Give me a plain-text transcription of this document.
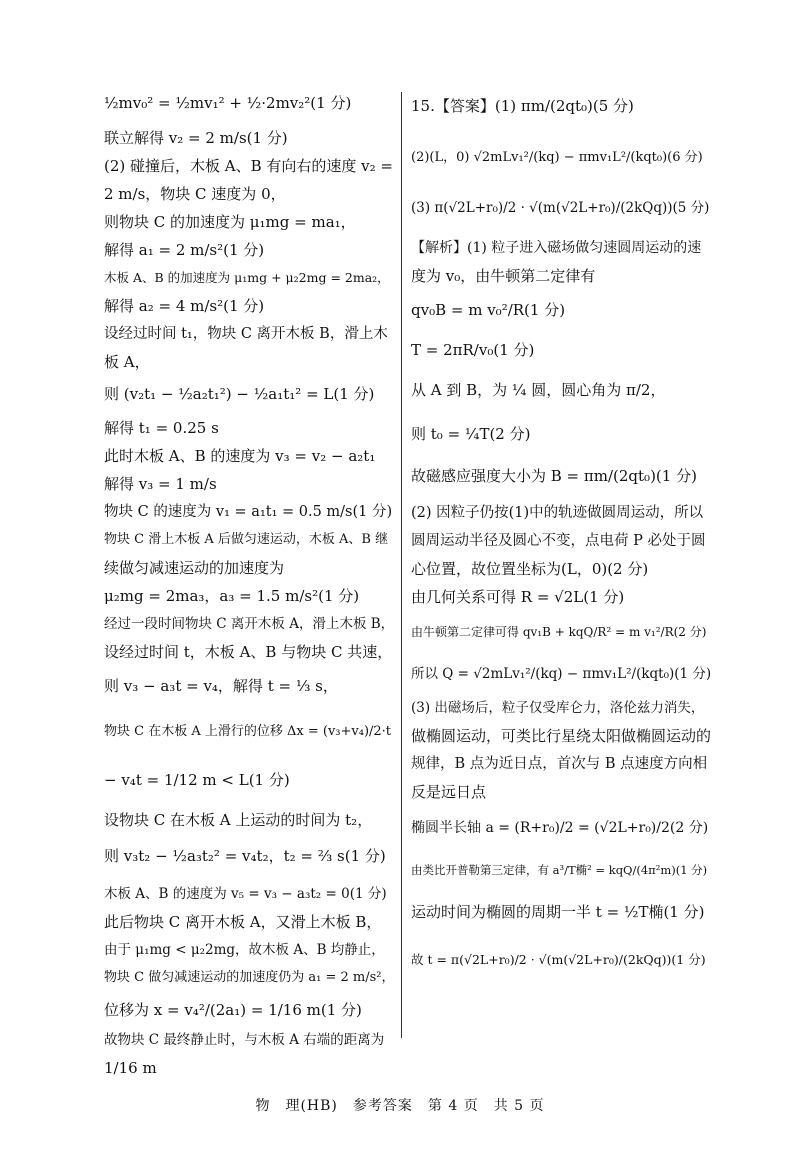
½mv₀² = ½mv₁² + ½·2mv₂²(1 分)
联立解得 v₂ = 2 m/s(1 分)
(2) 碰撞后，木板 A、B 有向右的速度 v₂ =
2 m/s，物块 C 速度为 0，
则物块 C 的加速度为 μ₁mg = ma₁，
解得 a₁ = 2 m/s²(1 分)
木板 A、B 的加速度为 μ₁mg + μ₂2mg = 2ma₂，
解得 a₂ = 4 m/s²(1 分)
设经过时间 t₁，物块 C 离开木板 B，滑上木
板 A，
则 (v₂t₁ − ½a₂t₁²) − ½a₁t₁² = L(1 分)
解得 t₁ = 0.25 s
此时木板 A、B 的速度为 v₃ = v₂ − a₂t₁
解得 v₃ = 1 m/s
物块 C 的速度为 v₁ = a₁t₁ = 0.5 m/s(1 分)
物块 C 滑上木板 A 后做匀速运动，木板 A、B 继
续做匀减速运动的加速度为
μ₂mg = 2ma₃，a₃ = 1.5 m/s²(1 分)
经过一段时间物块 C 离开木板 A，滑上木板 B，
设经过时间 t，木板 A、B 与物块 C 共速，
则 v₃ − a₃t = v₄，解得 t = ⅓ s，
物块 C 在木板 A 上滑行的位移 Δx = (v₃+v₄)/2·t
− v₄t = 1/12 m < L(1 分)
设物块 C 在木板 A 上运动的时间为 t₂，
则 v₃t₂ − ½a₃t₂² = v₄t₂，t₂ = ⅔ s(1 分)
木板 A、B 的速度为 v₅ = v₃ − a₃t₂ = 0(1 分)
此后物块 C 离开木板 A，又滑上木板 B，
由于 μ₁mg < μ₂2mg，故木板 A、B 均静止，
物块 C 做匀减速运动的加速度仍为 a₁ = 2 m/s²，
位移为 x = v₄²/(2a₁) = 1/16 m(1 分)
故物块 C 最终静止时，与木板 A 右端的距离为
1/16 m
15.【答案】(1) πm/(2qt₀)(5 分)
(2)(L，0) √2mLv₁²/(kq) − πmv₁L²/(kqt₀)(6 分)
(3) π(√2L+r₀)/2 · √(m(√2L+r₀)/(2kQq))(5 分)
【解析】(1) 粒子进入磁场做匀速圆周运动的速
度为 v₀，由牛顿第二定律有
qv₀B = m v₀²/R(1 分)
T = 2πR/v₀(1 分)
从 A 到 B，为 ¼ 圆，圆心角为 π/2，
则 t₀ = ¼T(2 分)
故磁感应强度大小为 B = πm/(2qt₀)(1 分)
(2) 因粒子仍按(1)中的轨迹做圆周运动，所以
圆周运动半径及圆心不变，点电荷 P 必处于圆
心位置，故位置坐标为(L，0)(2 分)
由几何关系可得 R = √2L(1 分)
由牛顿第二定律可得 qv₁B + kqQ/R² = m v₁²/R(2 分)
所以 Q = √2mLv₁²/(kq) − πmv₁L²/(kqt₀)(1 分)
(3) 出磁场后，粒子仅受库仑力，洛伦兹力消失，
做椭圆运动，可类比行星绕太阳做椭圆运动的
规律，B 点为近日点，首次与 B 点速度方向相
反是远日点
椭圆半长轴 a = (R+r₀)/2 = (√2L+r₀)/2(2 分)
由类比开普勒第三定律，有 a³/T椭² = kqQ/(4π²m)(1 分)
运动时间为椭圆的周期一半 t = ½T椭(1 分)
故 t = π(√2L+r₀)/2 · √(m(√2L+r₀)/(2kQq))(1 分)
物　理(HB)　参考答案　第 4 页　共 5 页
